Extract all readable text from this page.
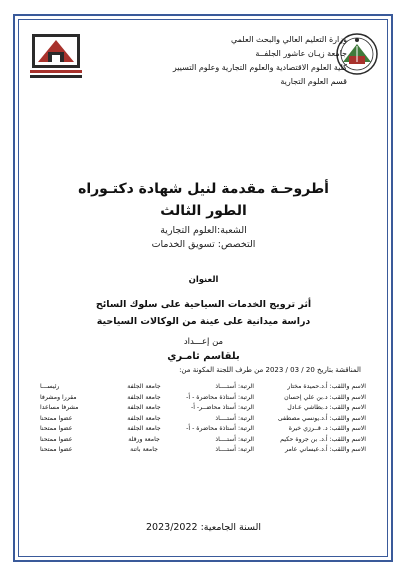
وزارة التعليم العالي والبحث العلمي
جامعة زيـان عاشور الجلفــة
كلية العلوم الاقتصادية والعلوم التجارية وعلوم التسيير
قسم العلوم التجارية
أطروحـة مقدمة لنيل شهادة دكتـوراه
الطور الثالث
الشعبة:العلوم التجارية
التخصص: تسويق الخدمات
العنوان
أثر ترويج الخدمات السياحية على سلوك السائح
دراسة ميدانية على عينة من الوكالات السياحية
من إعـــداد
بلقاسم ثامـري
المناقشة بتاريخ 20 / 03 / 2023 من طرف اللجنة المكونة من:
الاسم واللقب: أ.د.حميدة مختار	الرتبة: أستــــاذ	جامعة الجلفة	رئيســـا
الاسم واللقب: د.بن علي إحسان	الرتبة: أستاذة محاضرة - أ-	جامعة الجلفة	مقررا ومشرفا
الاسم واللقب: د.بطاشي عـادل	الرتبة: أستاذ محاضــر- أ-	جامعة الجلفة	مشرفا مساعدا
الاسم واللقب: أ.د.يونسي مصطفى	الرتبة: أستــــاذ	جامعة الجلفة	عضوا ممتحنا
الاسم واللقب: د. قــرزي خيرة	الرتبة: أستاذة محاضرة - أ-	جامعة الجلفة	عضوا ممتحنا
الاسم واللقب: أ.د. بن جروة حكيم	الرتبة: أستــــاذ	جامعة ورقلة	عضوا ممتحنا
الاسم واللقب: أ.د.عيساني عامر	الرتبة: أستــــاذ	جامعة باتنة	عضوا ممتحنا
السنة الجامعية: 2023/2022
